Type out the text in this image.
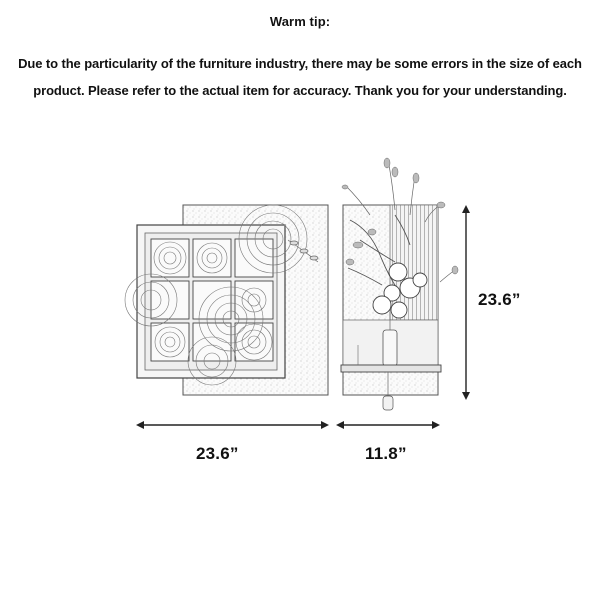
Warm tip:
Due to the particularity of the furniture industry, there may be some errors in the size of each
product. Please refer to the actual item for accuracy. Thank you for your understanding.
23.6”	11.8”
23.6”
